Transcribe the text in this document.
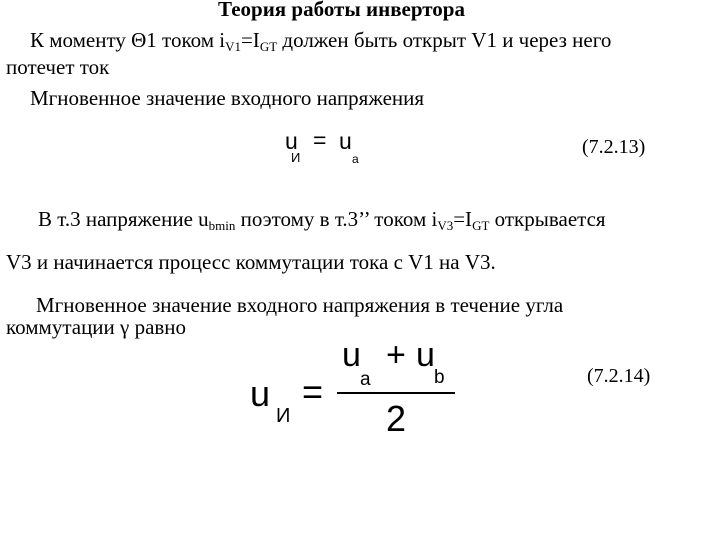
Теория работы инвертора
К моменту Θ1 током $i_{V1}=I_{GT}$ должен быть открыт V1 и через него
потечет ток
Мгновенное значение входного напряжения
u
И
= u
a
(7.2.13)
В т.3 напряжение $u_{bmin}$ поэтому в т.3’’ током $i_{V3}=I_{GT}$ открывается
V3 и начинается процесс коммутации тока с V1 на V3.
Мгновенное значение входного напряжения в течение угла
коммутации γ равно
u
И
=
u
a
+ u
b
2
(7.2.14)
